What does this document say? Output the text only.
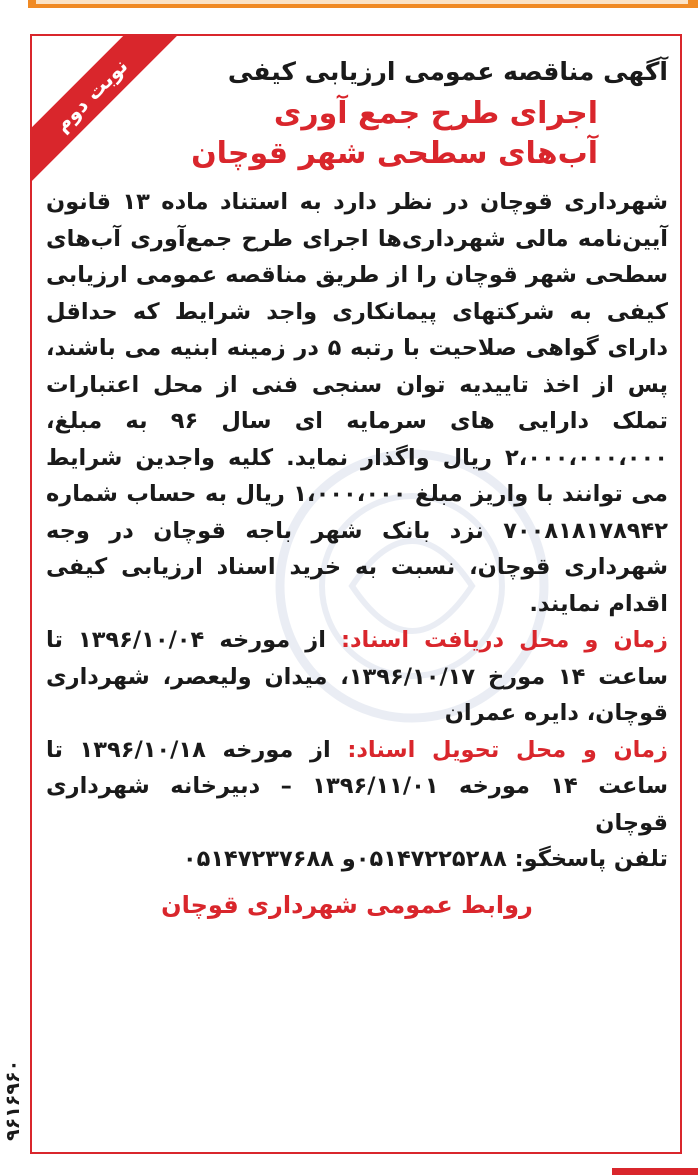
نوبت دوم	آگهی مناقصه عمومی ارزیابی کیفی
اجرای طرح جمع آوری
آب‌های سطحی شهر قوچان
شهرداری قوچان در نظر دارد به استناد ماده ۱۳ قانون آیین‌نامه مالی شهرداری‌ها اجرای طرح جمع‌آوری آب‌های سطحی شهر قوچان را از طریق مناقصه عمومی ارزیابی کیفی به شرکتهای پیمانکاری واجد شرایط که حداقل دارای گواهی صلاحیت با رتبه ۵ در زمینه ابنیه می باشند، پس از اخذ تاییدیه توان سنجی فنی از محل اعتبارات تملک دارایی های سرمایه ای سال ۹۶ به مبلغ، ۲،۰۰۰،۰۰۰،۰۰۰ ریال واگذار نماید. کلیه واجدین شرایط می توانند با واریز مبلغ ۱،۰۰۰،۰۰۰ ریال به حساب شماره ۷۰۰۸۱۸۱۷۸۹۴۲ نزد بانک شهر باجه قوچان در وجه شهرداری قوچان، نسبت به خرید اسناد ارزیابی کیفی اقدام نمایند.
زمان و محل دریافت اسناد: از مورخه ۱۳۹۶/۱۰/۰۴ تا ساعت ۱۴ مورخ ۱۳۹۶/۱۰/۱۷، میدان ولیعصر، شهرداری قوچان، دایره عمران
زمان و محل تحویل اسناد: از مورخه ۱۳۹۶/۱۰/۱۸ تا ساعت ۱۴ مورخه ۱۳۹۶/۱۱/۰۱ – دبیرخانه شهرداری قوچان
تلفن پاسخگو: ۰۵۱۴۷۲۲۵۲۸۸و ۰۵۱۴۷۲۳۷۶۸۸
روابط عمومی شهرداری قوچان
۹۶۱۶۹۶۰
